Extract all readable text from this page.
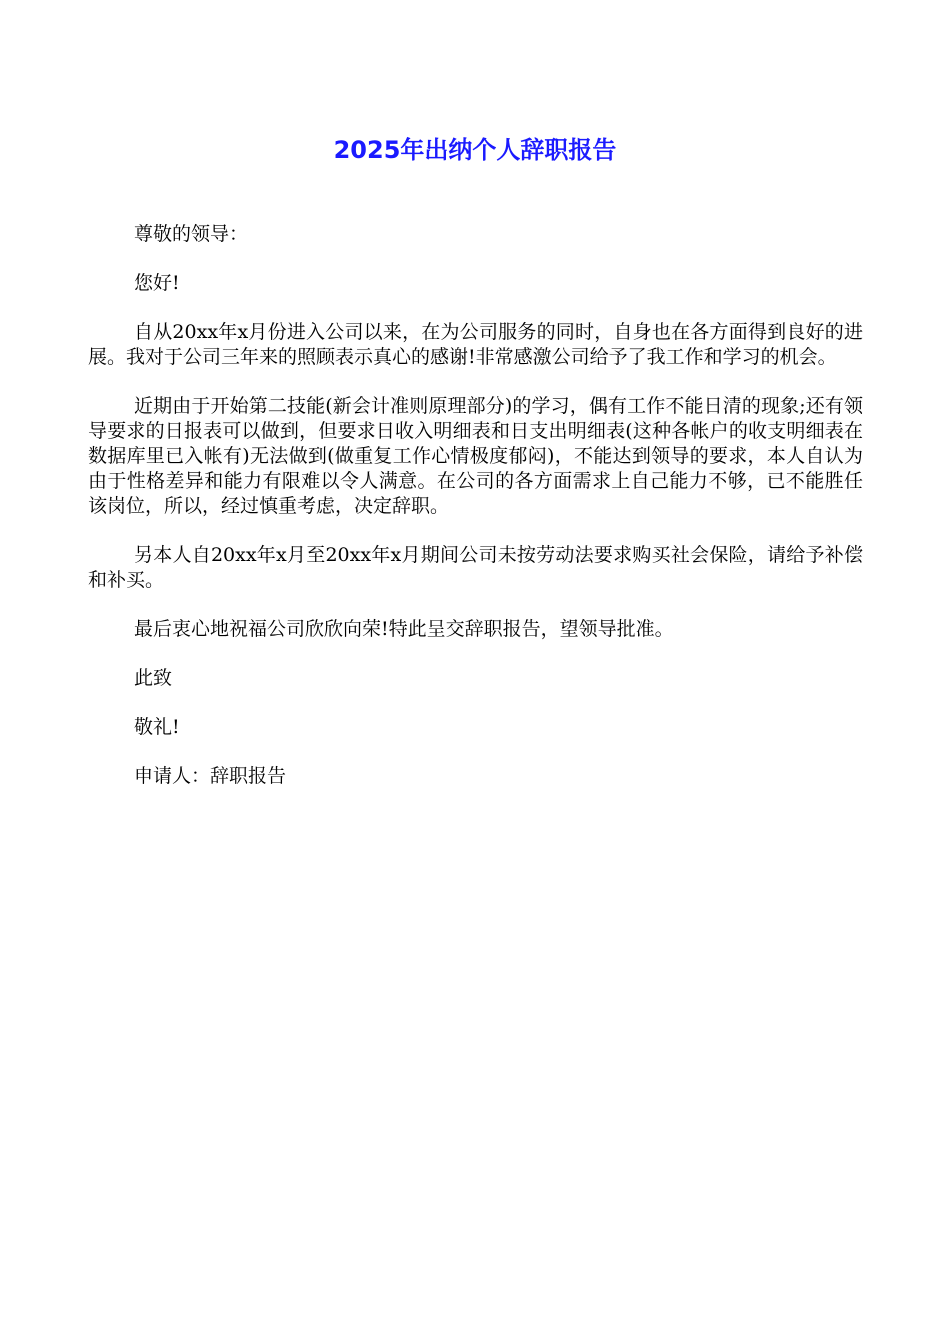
2025年出纳个人辞职报告

尊敬的领导：

您好!

自从20xx年x月份进入公司以来，在为公司服务的同时，自身也在各方面得到良好的进展。我对于公司三年来的照顾表示真心的感谢!非常感激公司给予了我工作和学习的机会。

近期由于开始第二技能(新会计准则原理部分)的学习，偶有工作不能日清的现象;还有领导要求的日报表可以做到，但要求日收入明细表和日支出明细表(这种各帐户的收支明细表在数据库里已入帐有)无法做到(做重复工作心情极度郁闷)，不能达到领导的要求，本人自认为由于性格差异和能力有限难以令人满意。在公司的各方面需求上自己能力不够，已不能胜任该岗位，所以，经过慎重考虑，决定辞职。

另本人自20xx年x月至20xx年x月期间公司未按劳动法要求购买社会保险，请给予补偿和补买。

最后衷心地祝福公司欣欣向荣!特此呈交辞职报告，望领导批准。

此致

敬礼!

申请人：辞职报告
